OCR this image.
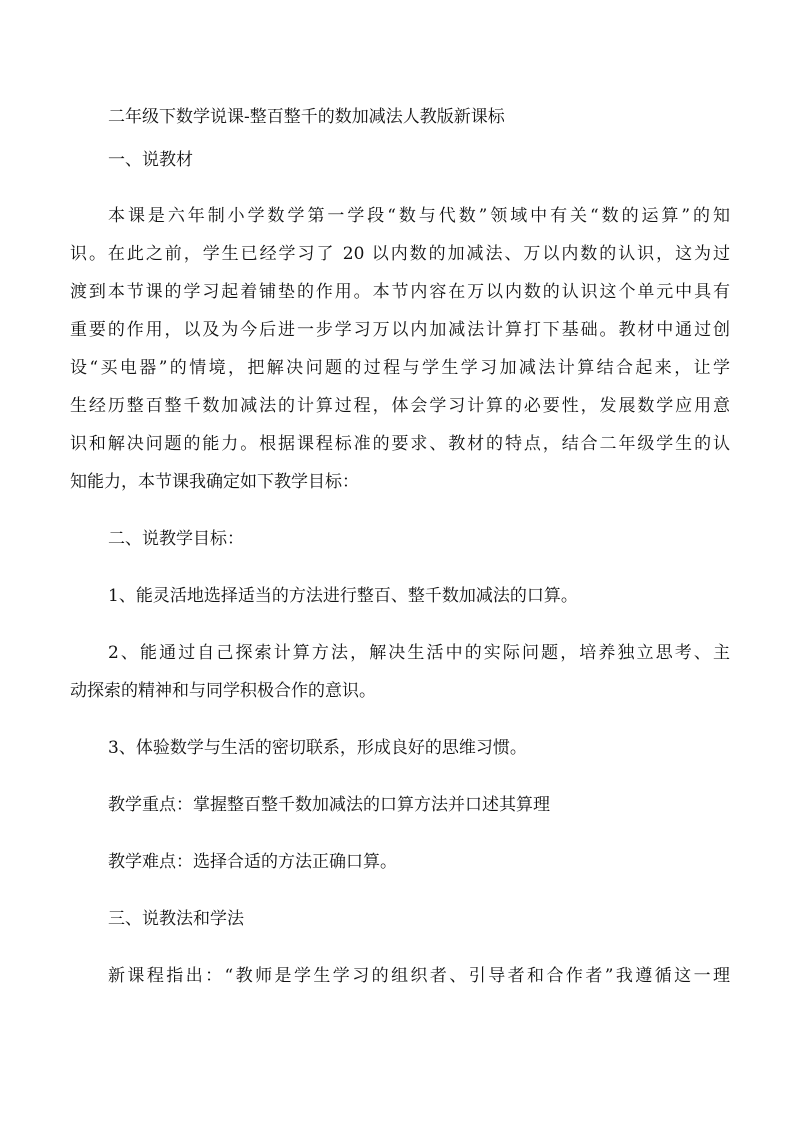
二年级下数学说课-整百整千的数加减法人教版新课标
一、说教材
本课是六年制小学数学第一学段“数与代数”领域中有关“数的运算”的知
识。在此之前，学生已经学习了 20 以内数的加减法、万以内数的认识，这为过
渡到本节课的学习起着铺垫的作用。本节内容在万以内数的认识这个单元中具有
重要的作用，以及为今后进一步学习万以内加减法计算打下基础。教材中通过创
设“买电器”的情境，把解决问题的过程与学生学习加减法计算结合起来，让学
生经历整百整千数加减法的计算过程，体会学习计算的必要性，发展数学应用意
识和解决问题的能力。根据课程标准的要求、教材的特点，结合二年级学生的认
知能力，本节课我确定如下教学目标：
二、说教学目标：
1、能灵活地选择适当的方法进行整百、整千数加减法的口算。
2、能通过自己探索计算方法，解决生活中的实际问题，培养独立思考、主
动探索的精神和与同学积极合作的意识。
3、体验数学与生活的密切联系，形成良好的思维习惯。
教学重点：掌握整百整千数加减法的口算方法并口述其算理
教学难点：选择合适的方法正确口算。
三、说教法和学法
新课程指出：“教师是学生学习的组织者、引导者和合作者”我遵循这一理
